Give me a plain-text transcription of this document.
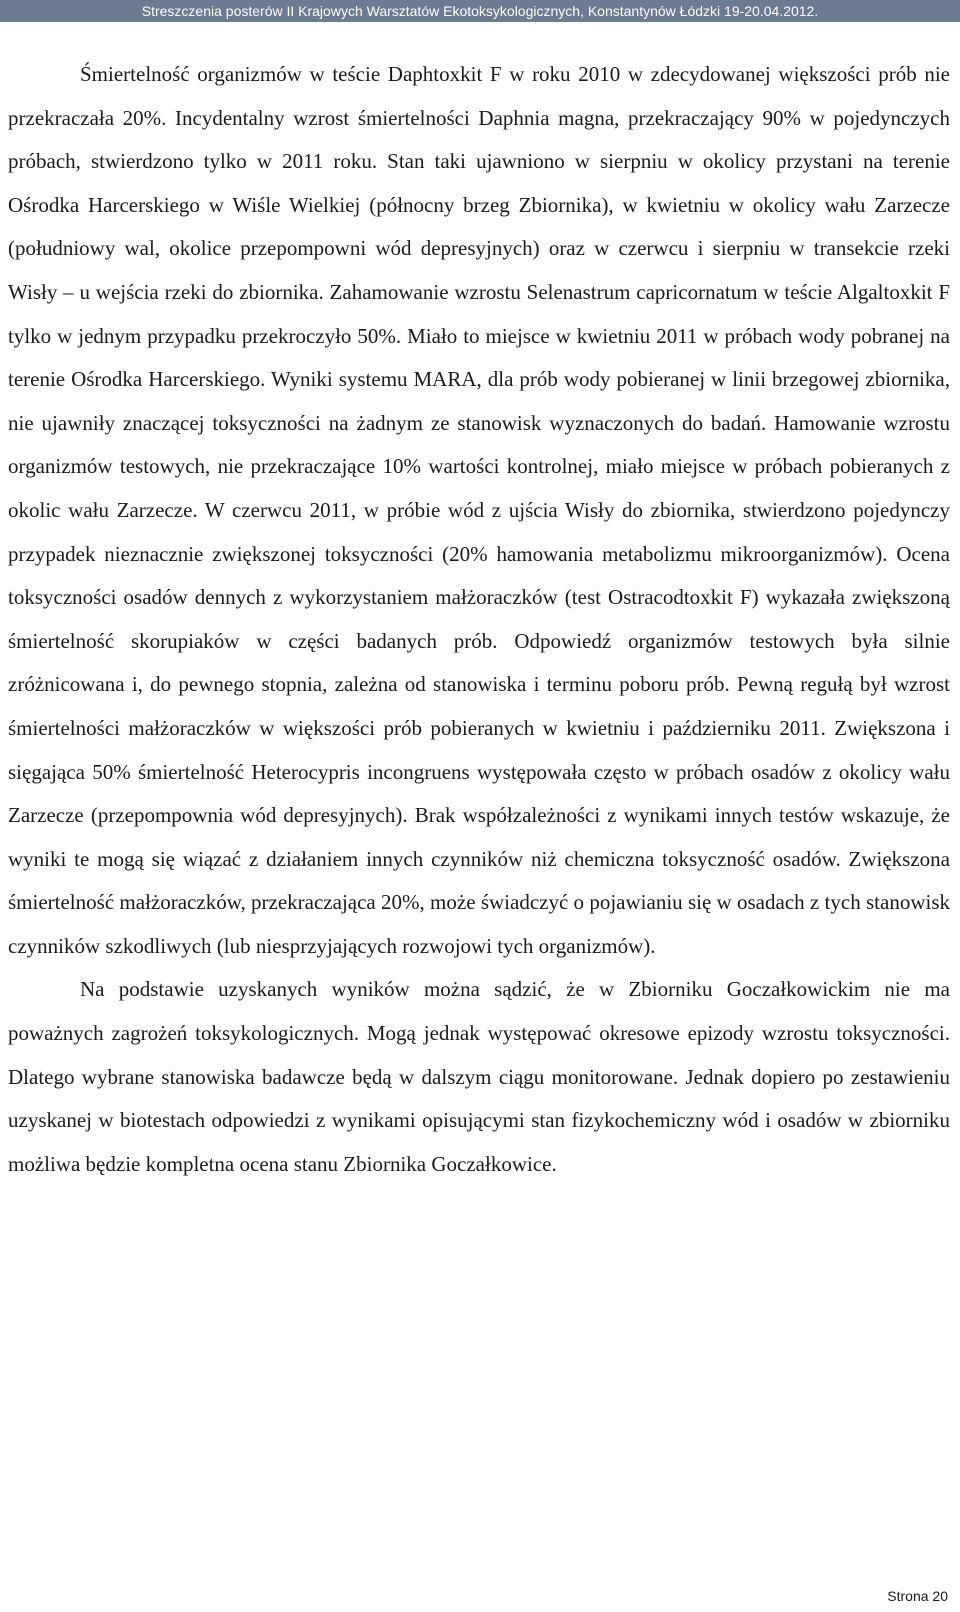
Streszczenia posterów II Krajowych Warsztatów Ekotoksykologicznych, Konstantynów Łódzki 19-20.04.2012.

Śmiertelność organizmów w teście Daphtoxkit F w roku 2010 w zdecydowanej większości prób nie przekraczała 20%. Incydentalny wzrost śmiertelności Daphnia magna, przekraczający 90% w pojedynczych próbach, stwierdzono tylko w 2011 roku. Stan taki ujawniono w sierpniu w okolicy przystani na terenie Ośrodka Harcerskiego w Wiśle Wielkiej (północny brzeg Zbiornika), w kwietniu w okolicy wału Zarzecze (południowy wal, okolice przepompowni wód depresyjnych) oraz w czerwcu i sierpniu w transekcie rzeki Wisły – u wejścia rzeki do zbiornika. Zahamowanie wzrostu Selenastrum capricornatum w teście Algaltoxkit F tylko w jednym przypadku przekroczyło 50%. Miało to miejsce w kwietniu 2011 w próbach wody pobranej na terenie Ośrodka Harcerskiego. Wyniki systemu MARA, dla prób wody pobieranej w linii brzegowej zbiornika, nie ujawniły znaczącej toksyczności na żadnym ze stanowisk wyznaczonych do badań. Hamowanie wzrostu organizmów testowych, nie przekraczające 10% wartości kontrolnej, miało miejsce w próbach pobieranych z okolic wału Zarzecze. W czerwcu 2011, w próbie wód z ujścia Wisły do zbiornika, stwierdzono pojedynczy przypadek nieznacznie zwiększonej toksyczności (20% hamowania metabolizmu mikroorganizmów). Ocena toksyczności osadów dennych z wykorzystaniem małżoraczków (test Ostracodtoxkit F) wykazała zwiększoną śmiertelność skorupiaków w części badanych prób. Odpowiedź organizmów testowych była silnie zróżnicowana i, do pewnego stopnia, zależna od stanowiska i terminu poboru prób. Pewną regułą był wzrost śmiertelności małżoraczków w większości prób pobieranych w kwietniu i październiku 2011. Zwiększona i sięgająca 50% śmiertelność Heterocypris incongruens występowała często w próbach osadów z okolicy wału Zarzecze (przepompownia wód depresyjnych). Brak współzależności z wynikami innych testów wskazuje, że wyniki te mogą się wiązać z działaniem innych czynników niż chemiczna toksyczność osadów. Zwiększona śmiertelność małżoraczków, przekraczająca 20%, może świadczyć o pojawianiu się w osadach z tych stanowisk czynników szkodliwych (lub niesprzyjających rozwojowi tych organizmów).

Na podstawie uzyskanych wyników można sądzić, że w Zbiorniku Goczałkowickim nie ma poważnych zagrożeń toksykologicznych. Mogą jednak występować okresowe epizody wzrostu toksyczności. Dlatego wybrane stanowiska badawcze będą w dalszym ciągu monitorowane. Jednak dopiero po zestawieniu uzyskanej w biotestach odpowiedzi z wynikami opisującymi stan fizykochemiczny wód i osadów w zbiorniku możliwa będzie kompletna ocena stanu Zbiornika Goczałkowice.

Strona 20
